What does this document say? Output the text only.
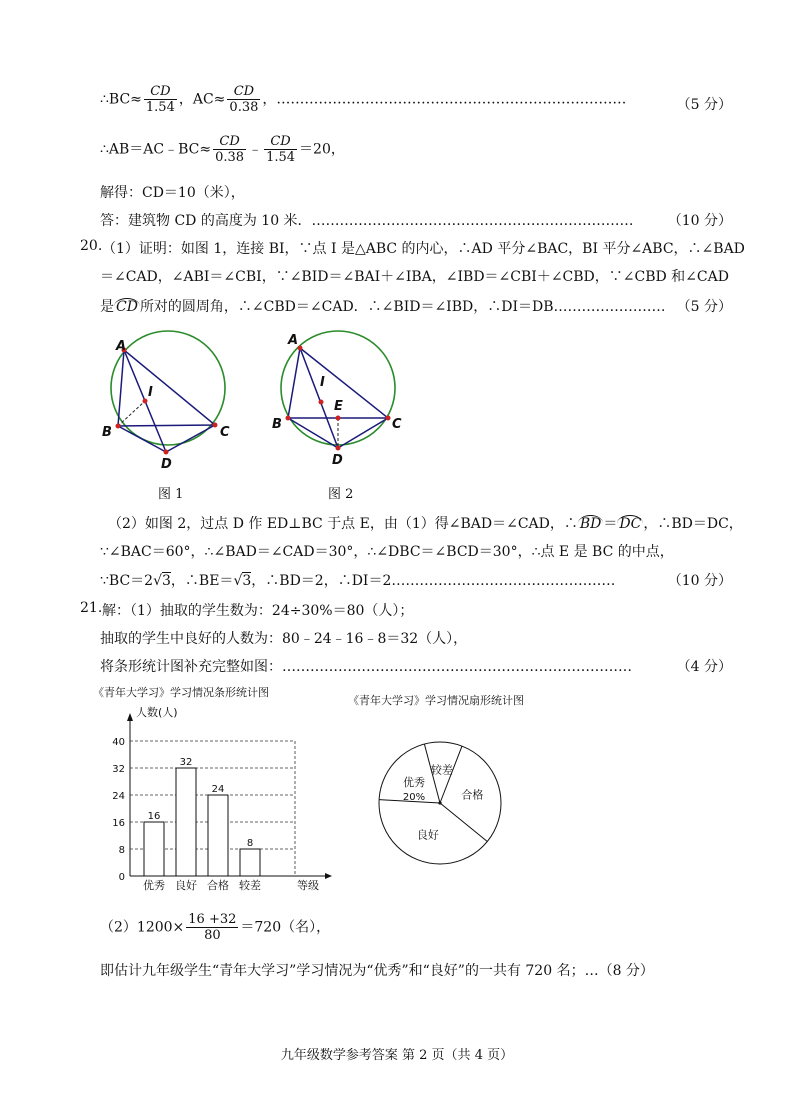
∴BC≈ $\frac{CD}{1.54}$ ，$AC\approx \frac{CD}{0.38}$ ，…………………………………………………………………	（5 分）
∴AB＝AC﹣BC≈ $\frac{CD}{0.38}$ ﹣ $\frac{CD}{1.54} =20$，
解得：CD＝10（米），
答：建筑物 CD 的高度为 10 米．…………………………………………………………… （10 分）
20. （1）证明：如图 1，连接 BI，∵点 I 是△ABC 的内心，∴AD 平分∠BAC，BI 平分∠ABC，∴∠BAD
＝∠CAD，∠ABI＝∠CBI，∵∠BID＝∠BAI＋∠IBA，∠IBD＝∠CBI＋∠CBD，∵∠CBD 和∠CAD
是 CD 所对的圆周角，∴∠CBD＝∠CAD．∴∠BID＝∠IBD，∴DI＝DB…………………… （5 分）
A
I
B	C
D
图 1
A
I
E
B	C
D
图 2
（2）如图 2，过点 D 作 ED⊥BC 于点 E，由（1）得∠BAD＝∠CAD，∴ BD ＝ DC ，∴BD＝DC，
∵∠BAC＝60°，∴∠BAD＝∠CAD＝30°，∴∠DBC＝∠BCD＝30°，∴点 E 是 BC 的中点，
∵BC＝2√3，∴BE＝√3，∴BD＝2，∴DI＝2…………………………………………	（10 分）
21. 解：（1）抽取的学生数为：24÷30%＝80（人）；
抽取的学生中良好的人数为：80﹣24﹣16﹣8＝32（人），
将条形统计图补充完整如图：…………………………………………………………………	（4 分）
《青年大学习》学习情况条形统计图
人数(人)
等级
0
8
16
24
32
40
16
优秀
32
良好
24
合格
8
较差
《青年大学习》学习情况扇形统计图
较差
合格
良好
优秀
20%
$(2)1200\times \frac{16 +32}{80} =720$（名），
即估计九年级学生“青年大学习”学习情况为“优秀”和“良好”的一共有 720 名；…（8 分）
九年级数学参考答案 第 2 页（共 4 页）
